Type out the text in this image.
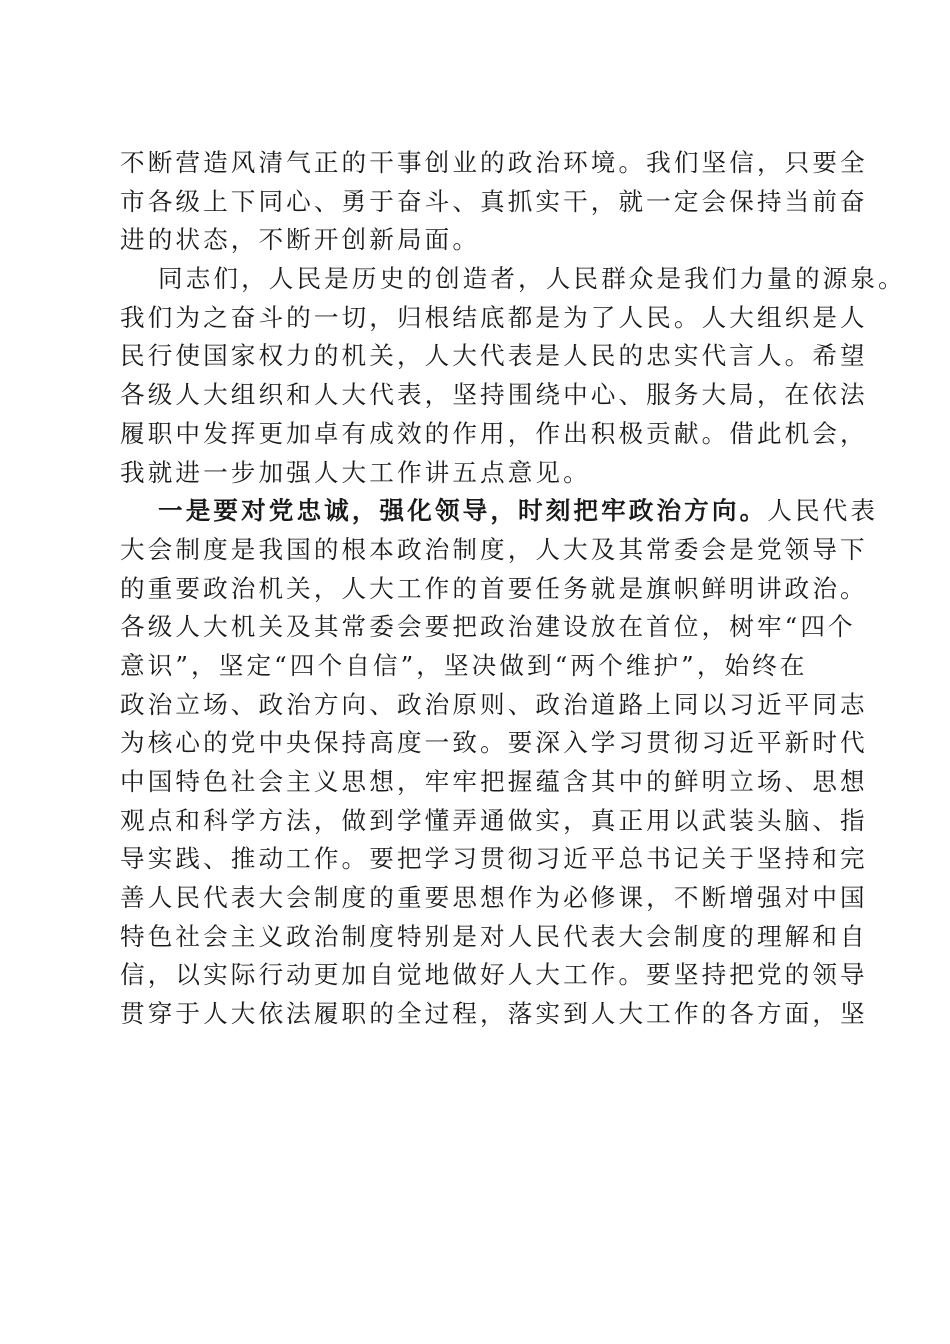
不断营造风清气正的干事创业的政治环境。我们坚信，只要全
市各级上下同心、勇于奋斗、真抓实干，就一定会保持当前奋
进的状态，不断开创新局面。
同志们，人民是历史的创造者，人民群众是我们力量的源泉。
我们为之奋斗的一切，归根结底都是为了人民。人大组织是人
民行使国家权力的机关，人大代表是人民的忠实代言人。希望
各级人大组织和人大代表，坚持围绕中心、服务大局，在依法
履职中发挥更加卓有成效的作用，作出积极贡献。借此机会，
我就进一步加强人大工作讲五点意见。
一是要对党忠诚，强化领导，时刻把牢政治方向。人民代表
大会制度是我国的根本政治制度，人大及其常委会是党领导下
的重要政治机关，人大工作的首要任务就是旗帜鲜明讲政治。
各级人大机关及其常委会要把政治建设放在首位，树牢“四个
意识”，坚定“四个自信”，坚决做到“两个维护”，始终在
政治立场、政治方向、政治原则、政治道路上同以习近平同志
为核心的党中央保持高度一致。要深入学习贯彻习近平新时代
中国特色社会主义思想，牢牢把握蕴含其中的鲜明立场、思想
观点和科学方法，做到学懂弄通做实，真正用以武装头脑、指
导实践、推动工作。要把学习贯彻习近平总书记关于坚持和完
善人民代表大会制度的重要思想作为必修课，不断增强对中国
特色社会主义政治制度特别是对人民代表大会制度的理解和自
信，以实际行动更加自觉地做好人大工作。要坚持把党的领导
贯穿于人大依法履职的全过程，落实到人大工作的各方面，坚
